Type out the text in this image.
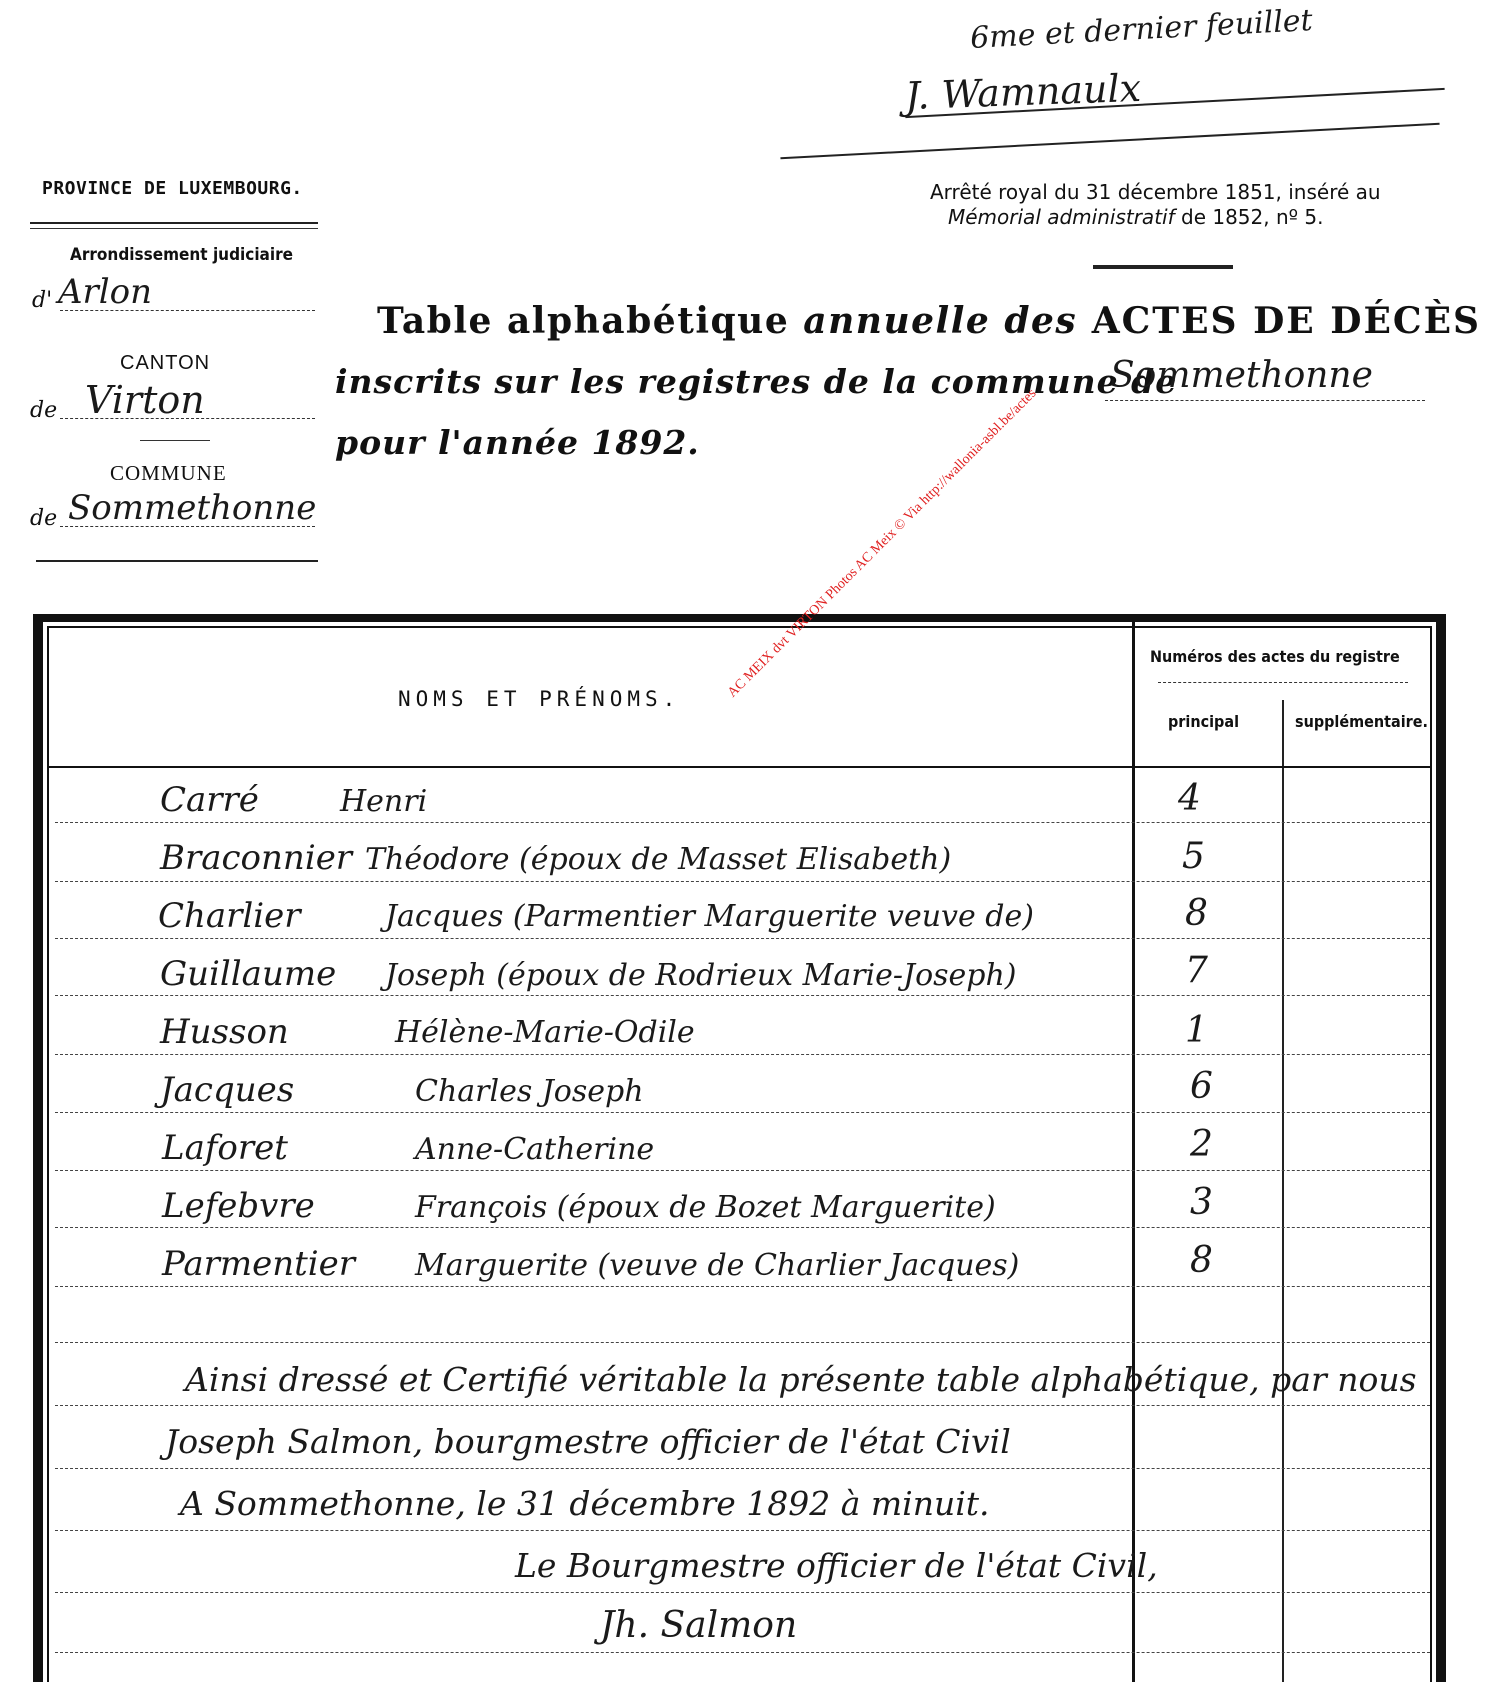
6me et dernier feuillet
J. Wamnaulx
PROVINCE DE LUXEMBOURG.
Arrondissement judiciaire
d' Arlon
CANTON
de Virton
COMMUNE
de Sommethonne
Arrêté royal du 31 décembre 1851, inséré au
Mémorial administratif de 1852, nº 5.
Table alphabétique annuelle des ACTES DE DÉCÈS
inscrits sur les registres de la commune de
Sommethonne
pour l'année 1892.
NOMS ET PRÉNOMS.
Numéros des actes du registre
principal	supplémentaire.
Carré	Henri	4
Braconnier Théodore (époux de Masset Elisabeth)	5
Charlier	Jacques (Parmentier Marguerite veuve de)	8
Guillaume Joseph (époux de Rodrieux Marie-Joseph)	7
Husson	Hélène-Marie-Odile	1
Jacques	Charles Joseph	6
Laforet	Anne-Catherine	2
Lefebvre	François (époux de Bozet Marguerite)	3
Parmentier Marguerite (veuve de Charlier Jacques)	8
Ainsi dressé et Certifié véritable la présente table alphabétique, par nous
Joseph Salmon, bourgmestre officier de l'état Civil
A Sommethonne, le 31 décembre 1892 à minuit.
Le Bourgmestre officier de l'état Civil,
Jh. Salmon
AC MEIX dvt VIRTON Photos AC Meix © Via http://wallonia-asbl.be/actes
